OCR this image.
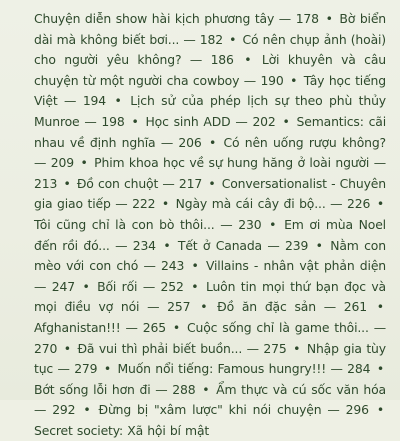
Chuyện diễn show hài kịch phương tây — 178 • Bờ biển dài mà không biết bơi... — 182 • Có nên chụp ảnh (hoài) cho người yêu không? — 186 • Lời khuyên và câu chuyện từ một người cha cowboy — 190 • Tây học tiếng Việt — 194 • Lịch sử của phép lịch sự theo phù thủy Munroe — 198 • Học sinh ADD — 202 • Semantics: cãi nhau về định nghĩa — 206 • Có nên uống rượu không? — 209 • Phim khoa học về sự hung hăng ở loài người — 213 • Đồ con chuột — 217 • Conversationalist - Chuyên gia giao tiếp — 222 • Ngày mà cái cây đi bộ... — 226 • Tôi cũng chỉ là con bò thôi... — 230 • Em ơi mùa Noel đến rồi đó... — 234 • Tết ở Canada — 239 • Nằm con mèo với con chó — 243 • Villains - nhân vật phản diện — 247 • Bối rối — 252 • Luôn tin mọi thứ bạn đọc và mọi điều vợ nói — 257 • Đồ ăn đặc sản — 261 • Afghanistan!!! — 265 • Cuộc sống chỉ là game thôi... — 270 • Đã vui thì phải biết buồn... — 275 • Nhập gia tùy tục — 279 • Muốn nổi tiếng: Famous hungry!!! — 284 • Bớt sống lỗi hơn đi — 288 • Ẩm thực và cú sốc văn hóa — 292 • Đừng bị "xâm lược" khi nói chuyện — 296 • Secret society: Xã hội bí mật
